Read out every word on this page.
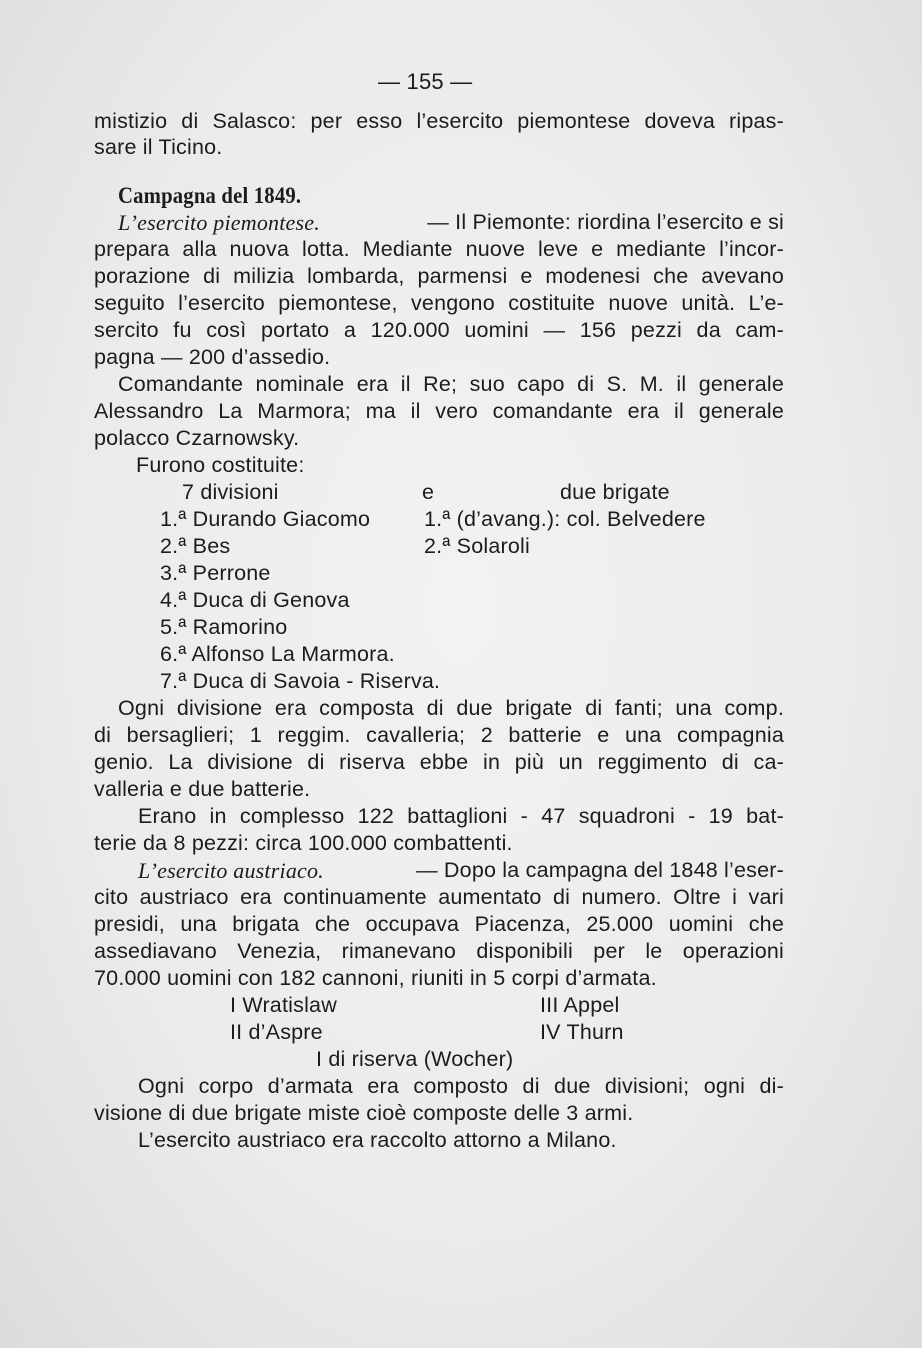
— 155 —
mistizio di Salasco: per esso l’esercito piemontese doveva ripas-
sare il Ticino.
Campagna del 1849.
L’esercito piemontese.	— Il Piemonte: riordina l’esercito e si
prepara alla nuova lotta. Mediante nuove leve e mediante l’incor-
porazione di milizia lombarda, parmensi e modenesi che avevano
seguito l’esercito piemontese, vengono costituite nuove unità. L’e-
sercito fu così portato a 120.000 uomini — 156 pezzi da cam-
pagna — 200 d’assedio.
Comandante nominale era il Re; suo capo di S. M. il generale
Alessandro La Marmora; ma il vero comandante era il generale
polacco Czarnowsky.
Furono costituite:
7 divisioni	e	due brigate
1.ª Durando Giacomo	1.ª (d’avang.): col. Belvedere
2.ª Bes	2.ª Solaroli
3.ª Perrone
4.ª Duca di Genova
5.ª Ramorino
6.ª Alfonso La Marmora.
7.ª Duca di Savoia - Riserva.
Ogni divisione era composta di due brigate di fanti; una comp.
di bersaglieri; 1 reggim. cavalleria; 2 batterie e una compagnia
genio. La divisione di riserva ebbe in più un reggimento di ca-
valleria e due batterie.
Erano in complesso 122 battaglioni - 47 squadroni - 19 bat-
terie da 8 pezzi: circa 100.000 combattenti.
L’esercito austriaco.	— Dopo la campagna del 1848 l’eser-
cito austriaco era continuamente aumentato di numero. Oltre i vari
presidi, una brigata che occupava Piacenza, 25.000 uomini che
assediavano Venezia, rimanevano disponibili per le operazioni
70.000 uomini con 182 cannoni, riuniti in 5 corpi d’armata.
I Wratislaw	III Appel
II d’Aspre	IV Thurn
I di riserva (Wocher)
Ogni corpo d’armata era composto di due divisioni; ogni di-
visione di due brigate miste cioè composte delle 3 armi.
L’esercito austriaco era raccolto attorno a Milano.
